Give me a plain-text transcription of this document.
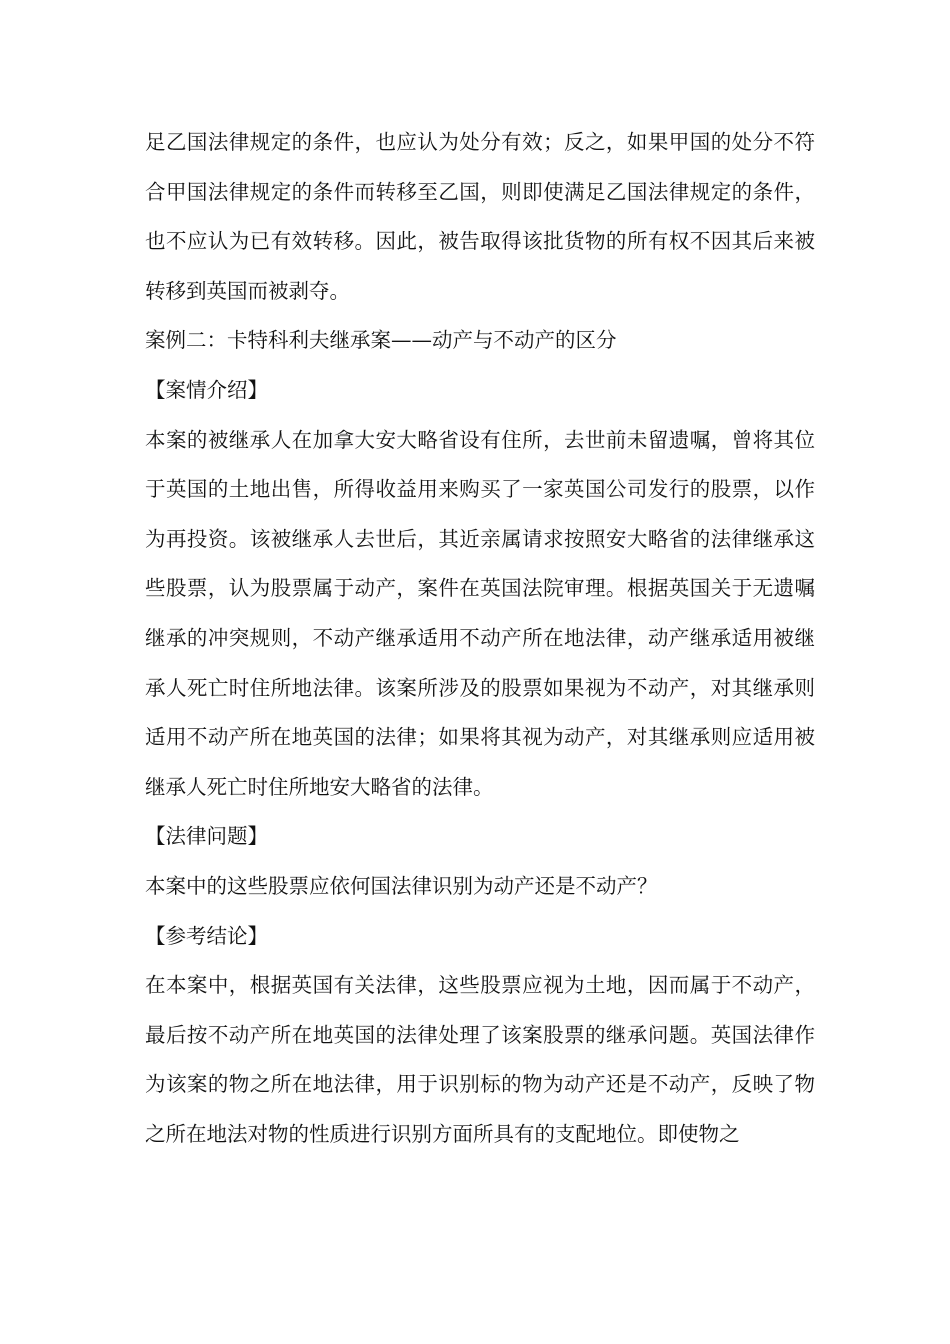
足乙国法律规定的条件，也应认为处分有效；反之，如果甲国的处分不符合甲国法律规定的条件而转移至乙国，则即使满足乙国法律规定的条件，也不应认为已有效转移。因此，被告取得该批货物的所有权不因其后来被转移到英国而被剥夺。

案例二：卡特科利夫继承案——动产与不动产的区分

【案情介绍】

本案的被继承人在加拿大安大略省设有住所，去世前未留遗嘱，曾将其位于英国的土地出售，所得收益用来购买了一家英国公司发行的股票，以作为再投资。该被继承人去世后，其近亲属请求按照安大略省的法律继承这些股票，认为股票属于动产，案件在英国法院审理。根据英国关于无遗嘱继承的冲突规则，不动产继承适用不动产所在地法律，动产继承适用被继承人死亡时住所地法律。该案所涉及的股票如果视为不动产，对其继承则适用不动产所在地英国的法律；如果将其视为动产，对其继承则应适用被继承人死亡时住所地安大略省的法律。

【法律问题】

本案中的这些股票应依何国法律识别为动产还是不动产？

【参考结论】

在本案中，根据英国有关法律，这些股票应视为土地，因而属于不动产，最后按不动产所在地英国的法律处理了该案股票的继承问题。英国法律作为该案的物之所在地法律，用于识别标的物为动产还是不动产，反映了物之所在地法对物的性质进行识别方面所具有的支配地位。即使物之
